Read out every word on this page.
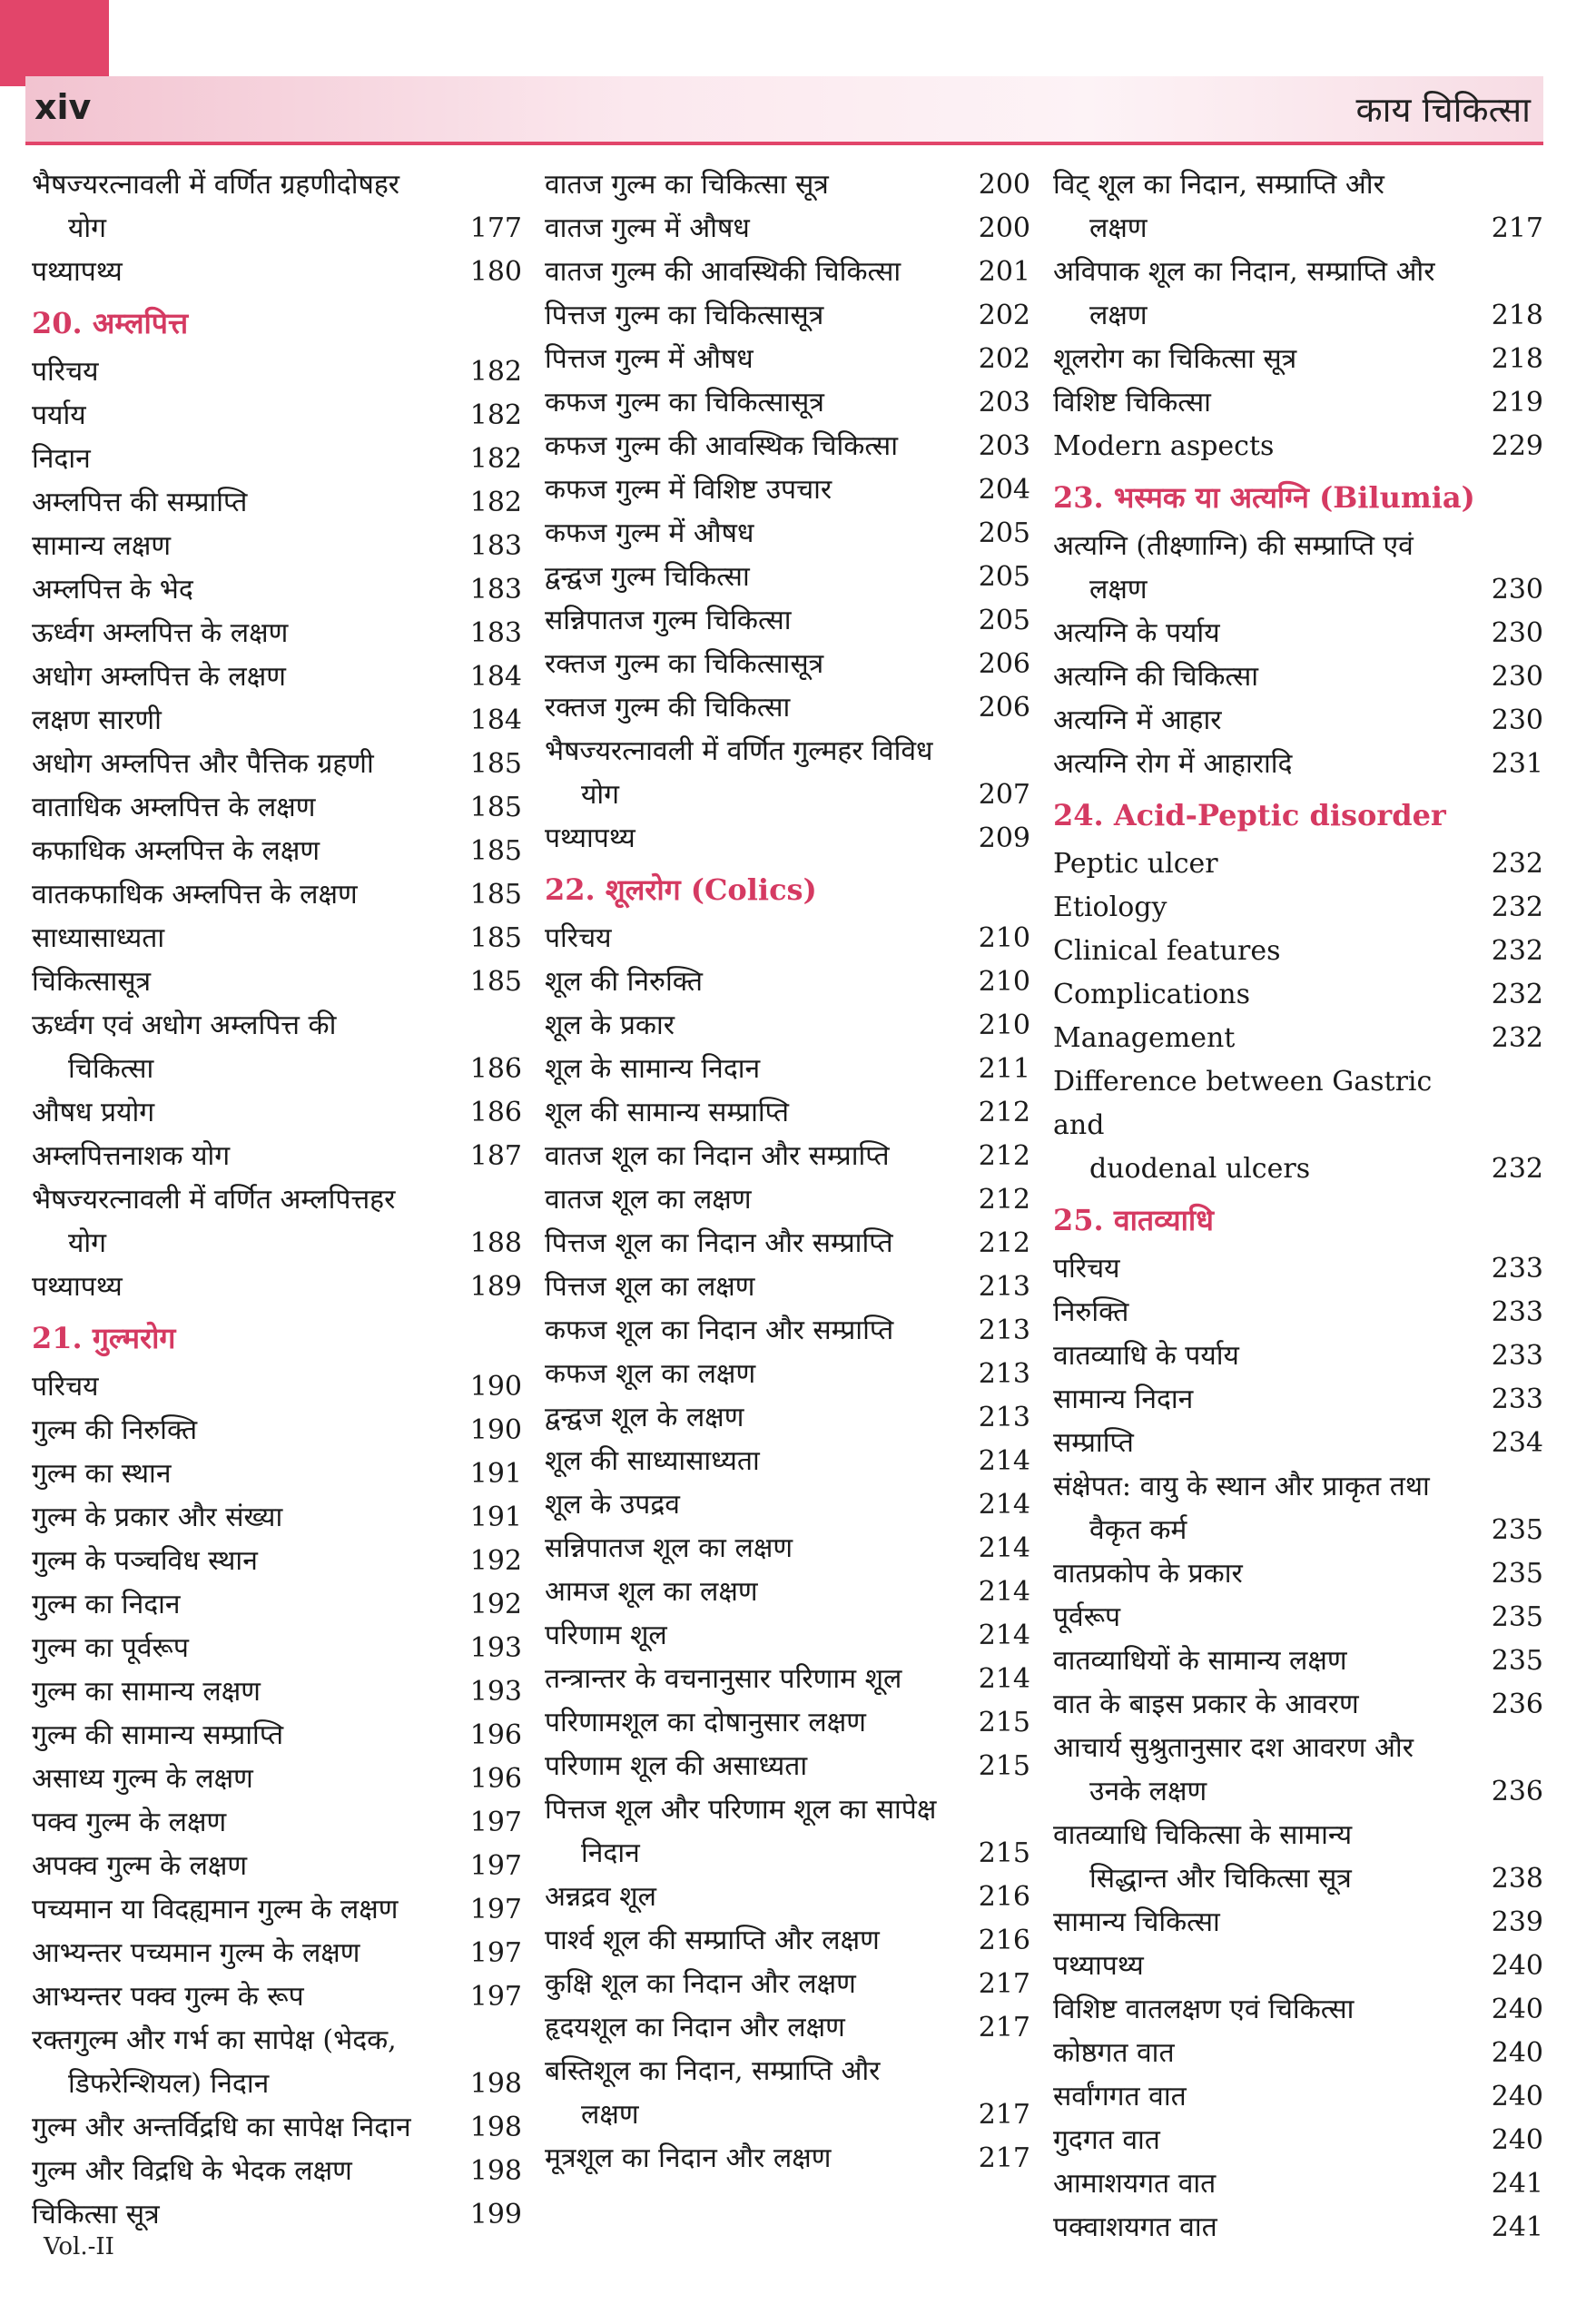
xiv	काय चिकित्सा
भैषज्यरत्नावली में वर्णित ग्रहणीदोषहर
योग	177
पथ्यापथ्य	180
20. अम्लपित्त
परिचय	182
पर्याय	182
निदान	182
अम्लपित्त की सम्प्राप्ति	182
सामान्य लक्षण	183
अम्लपित्त के भेद	183
ऊर्ध्वग अम्लपित्त के लक्षण	183
अधोग अम्लपित्त के लक्षण	184
लक्षण सारणी	184
अधोग अम्लपित्त और पैत्तिक ग्रहणी	185
वाताधिक अम्लपित्त के लक्षण	185
कफाधिक अम्लपित्त के लक्षण	185
वातकफाधिक अम्लपित्त के लक्षण	185
साध्यासाध्यता	185
चिकित्सासूत्र	185
ऊर्ध्वग एवं अधोग अम्लपित्त की
चिकित्सा	186
औषध प्रयोग	186
अम्लपित्तनाशक योग	187
भैषज्यरत्नावली में वर्णित अम्लपित्तहर
योग	188
पथ्यापथ्य	189
21. गुल्मरोग
परिचय	190
गुल्म की निरुक्ति	190
गुल्म का स्थान	191
गुल्म के प्रकार और संख्या	191
गुल्म के पञ्चविध स्थान	192
गुल्म का निदान	192
गुल्म का पूर्वरूप	193
गुल्म का सामान्य लक्षण	193
गुल्म की सामान्य सम्प्राप्ति	196
असाध्य गुल्म के लक्षण	196
पक्व गुल्म के लक्षण	197
अपक्व गुल्म के लक्षण	197
पच्यमान या विदह्यमान गुल्म के लक्षण	197
आभ्यन्तर पच्यमान गुल्म के लक्षण	197
आभ्यन्तर पक्व गुल्म के रूप	197
रक्तगुल्म और गर्भ का सापेक्ष (भेदक,
डिफरेन्शियल) निदान	198
गुल्म और अन्तर्विद्रधि का सापेक्ष निदान	198
गुल्म और विद्रधि के भेदक लक्षण	198
चिकित्सा सूत्र	199
वातज गुल्म का चिकित्सा सूत्र	200
वातज गुल्म में औषध	200
वातज गुल्म की आवस्थिकी चिकित्सा	201
पित्तज गुल्म का चिकित्सासूत्र	202
पित्तज गुल्म में औषध	202
कफज गुल्म का चिकित्सासूत्र	203
कफज गुल्म की आवस्थिक चिकित्सा	203
कफज गुल्म में विशिष्ट उपचार	204
कफज गुल्म में औषध	205
द्वन्द्वज गुल्म चिकित्सा	205
सन्निपातज गुल्म चिकित्सा	205
रक्तज गुल्म का चिकित्सासूत्र	206
रक्तज गुल्म की चिकित्सा	206
भैषज्यरत्नावली में वर्णित गुल्महर विविध
योग	207
पथ्यापथ्य	209
22. शूलरोग (Colics)
परिचय	210
शूल की निरुक्ति	210
शूल के प्रकार	210
शूल के सामान्य निदान	211
शूल की सामान्य सम्प्राप्ति	212
वातज शूल का निदान और सम्प्राप्ति	212
वातज शूल का लक्षण	212
पित्तज शूल का निदान और सम्प्राप्ति	212
पित्तज शूल का लक्षण	213
कफज शूल का निदान और सम्प्राप्ति	213
कफज शूल का लक्षण	213
द्वन्द्वज शूल के लक्षण	213
शूल की साध्यासाध्यता	214
शूल के उपद्रव	214
सन्निपातज शूल का लक्षण	214
आमज शूल का लक्षण	214
परिणाम शूल	214
तन्त्रान्तर के वचनानुसार परिणाम शूल	214
परिणामशूल का दोषानुसार लक्षण	215
परिणाम शूल की असाध्यता	215
पित्तज शूल और परिणाम शूल का सापेक्ष
निदान	215
अन्नद्रव शूल	216
पार्श्व शूल की सम्प्राप्ति और लक्षण	216
कुक्षि शूल का निदान और लक्षण	217
हृदयशूल का निदान और लक्षण	217
बस्तिशूल का निदान, सम्प्राप्ति और
लक्षण	217
मूत्रशूल का निदान और लक्षण	217
विट् शूल का निदान, सम्प्राप्ति और
लक्षण	217
अविपाक शूल का निदान, सम्प्राप्ति और
लक्षण	218
शूलरोग का चिकित्सा सूत्र	218
विशिष्ट चिकित्सा	219
Modern aspects	229
23. भस्मक या अत्यग्नि (Bilumia)
अत्यग्नि (तीक्ष्णाग्नि) की सम्प्राप्ति एवं
लक्षण	230
अत्यग्नि के पर्याय	230
अत्यग्नि की चिकित्सा	230
अत्यग्नि में आहार	230
अत्यग्नि रोग में आहारादि	231
24. Acid-Peptic disorder
Peptic ulcer	232
Etiology	232
Clinical features	232
Complications	232
Management	232
Difference between Gastric and
duodenal ulcers	232
25. वातव्याधि
परिचय	233
निरुक्ति	233
वातव्याधि के पर्याय	233
सामान्य निदान	233
सम्प्राप्ति	234
संक्षेपत: वायु के स्थान और प्राकृत तथा
वैकृत कर्म	235
वातप्रकोप के प्रकार	235
पूर्वरूप	235
वातव्याधियों के सामान्य लक्षण	235
वात के बाइस प्रकार के आवरण	236
आचार्य सुश्रुतानुसार दश आवरण और
उनके लक्षण	236
वातव्याधि चिकित्सा के सामान्य
सिद्धान्त और चिकित्सा सूत्र	238
सामान्य चिकित्सा	239
पथ्यापथ्य	240
विशिष्ट वातलक्षण एवं चिकित्सा	240
कोष्ठगत वात	240
सर्वांगगत वात	240
गुदगत वात	240
आमाशयगत वात	241
पक्वाशयगत वात	241
Vol.-II
